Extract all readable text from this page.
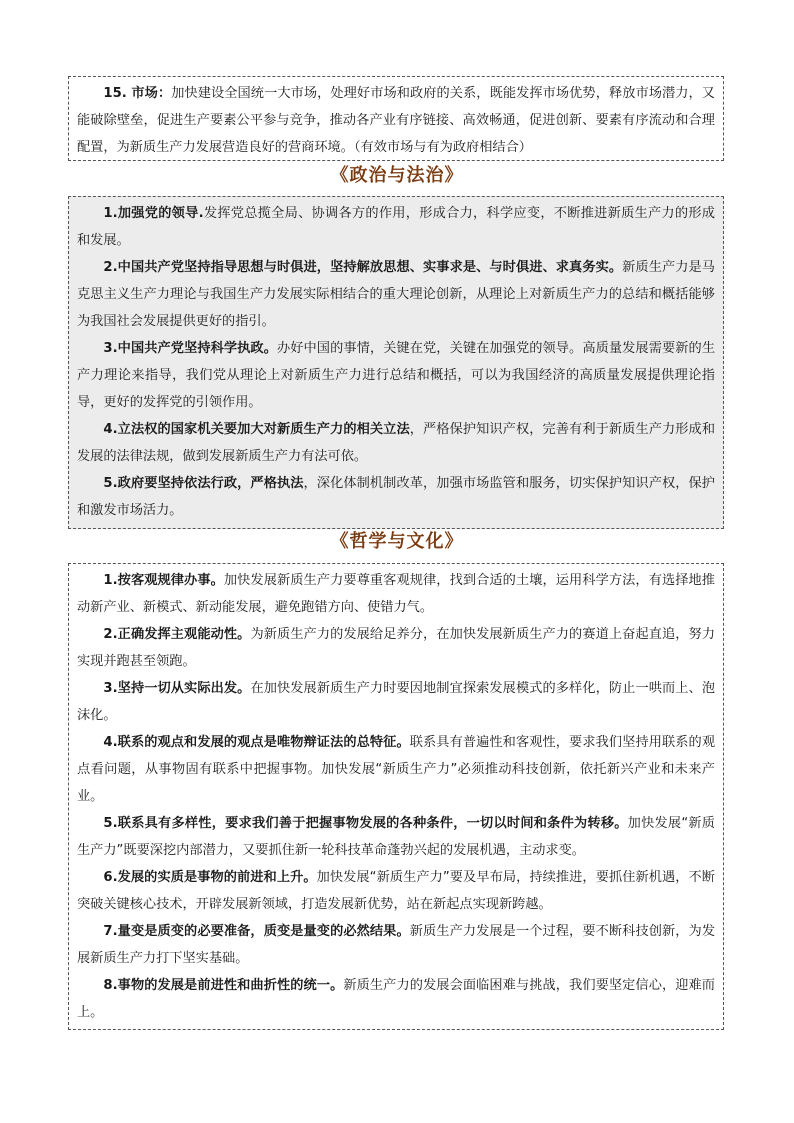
15. 市场：加快建设全国统一大市场，处理好市场和政府的关系，既能发挥市场优势，释放市场潜力，又能破除壁垒，促进生产要素公平参与竞争，推动各产业有序链接、高效畅通，促进创新、要素有序流动和合理配置，为新质生产力发展营造良好的营商环境。（有效市场与有为政府相结合）

《政治与法治》

1.加强党的领导.发挥党总揽全局、协调各方的作用，形成合力，科学应变，不断推进新质生产力的形成和发展。

2.中国共产党坚持指导思想与时俱进，坚持解放思想、实事求是、与时俱进、求真务实。新质生产力是马克思主义生产力理论与我国生产力发展实际相结合的重大理论创新，从理论上对新质生产力的总结和概括能够为我国社会发展提供更好的指引。

3.中国共产党坚持科学执政。办好中国的事情，关键在党，关键在加强党的领导。高质量发展需要新的生产力理论来指导，我们党从理论上对新质生产力进行总结和概括，可以为我国经济的高质量发展提供理论指导，更好的发挥党的引领作用。

4.立法权的国家机关要加大对新质生产力的相关立法，严格保护知识产权，完善有利于新质生产力形成和发展的法律法规，做到发展新质生产力有法可依。

5.政府要坚持依法行政，严格执法，深化体制机制改革，加强市场监管和服务，切实保护知识产权，保护和激发市场活力。

《哲学与文化》

1.按客观规律办事。加快发展新质生产力要尊重客观规律，找到合适的土壤，运用科学方法，有选择地推动新产业、新模式、新动能发展，避免跑错方向、使错力气。

2.正确发挥主观能动性。为新质生产力的发展给足养分，在加快发展新质生产力的赛道上奋起直追，努力实现并跑甚至领跑。

3.坚持一切从实际出发。在加快发展新质生产力时要因地制宜探索发展模式的多样化，防止一哄而上、泡沫化。

4.联系的观点和发展的观点是唯物辩证法的总特征。联系具有普遍性和客观性，要求我们坚持用联系的观点看问题，从事物固有联系中把握事物。加快发展“新质生产力”必须推动科技创新，依托新兴产业和未来产业。

5.联系具有多样性，要求我们善于把握事物发展的各种条件，一切以时间和条件为转移。加快发展“新质生产力”既要深挖内部潜力，又要抓住新一轮科技革命蓬勃兴起的发展机遇，主动求变。

6.发展的实质是事物的前进和上升。加快发展“新质生产力”要及早布局，持续推进，要抓住新机遇，不断突破关键核心技术，开辟发展新领域，打造发展新优势，站在新起点实现新跨越。

7.量变是质变的必要准备，质变是量变的必然结果。新质生产力发展是一个过程，要不断科技创新，为发展新质生产力打下坚实基础。

8.事物的发展是前进性和曲折性的统一。新质生产力的发展会面临困难与挑战，我们要坚定信心，迎难而上。
